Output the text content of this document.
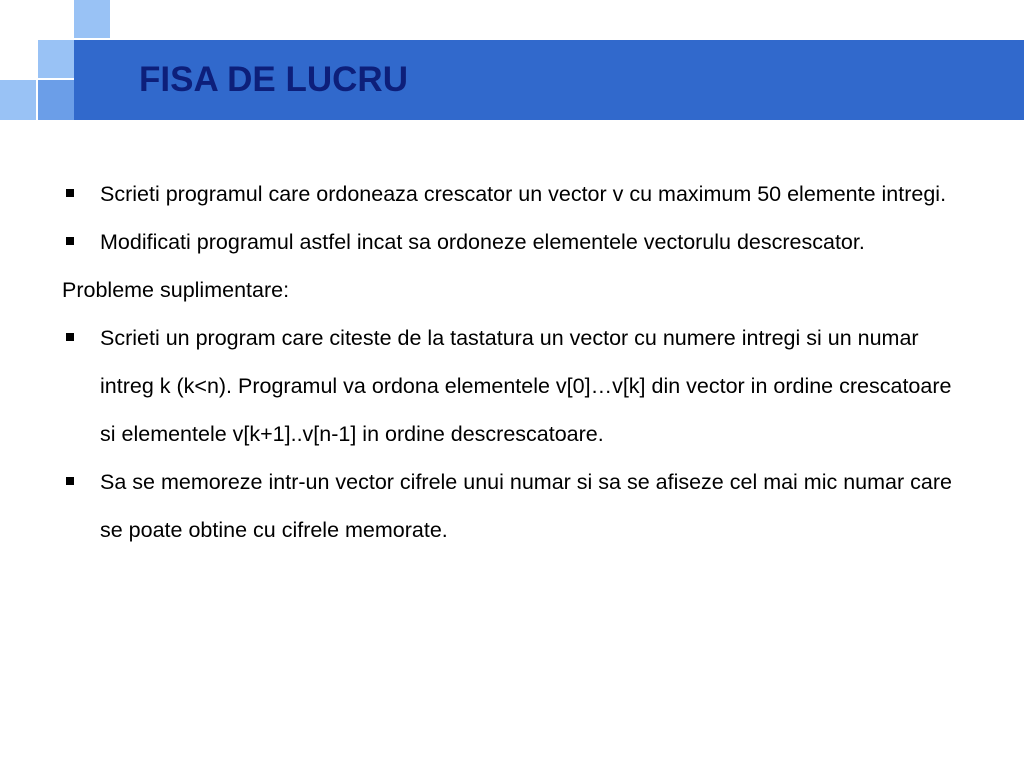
FISA DE LUCRU
Scrieti programul care ordoneaza crescator un vector v cu maximum 50 elemente intregi.
Modificati programul astfel incat sa ordoneze elementele vectorulu descrescator.

Probleme suplimentare:

Scrieti un program care citeste de la tastatura un vector cu numere intregi si un numar intreg k (k<n). Programul va ordona elementele v[0]…v[k] din vector in ordine crescatoare si elementele v[k+1]..v[n-1] in ordine descrescatoare.
Sa se memoreze intr-un vector cifrele unui numar si sa se afiseze cel mai mic numar care se poate obtine cu cifrele memorate.
